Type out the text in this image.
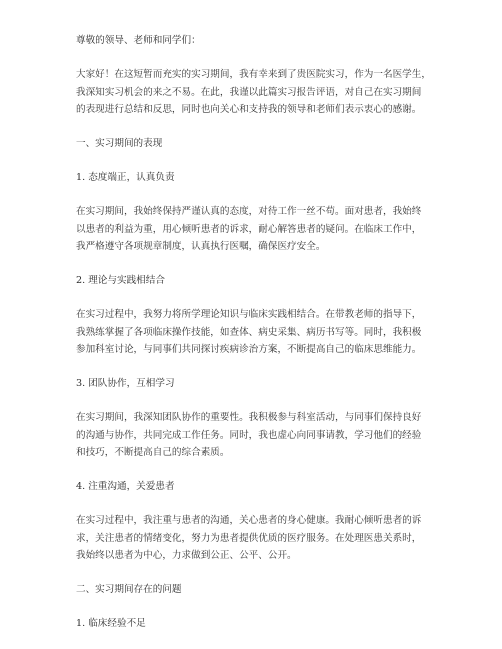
尊敬的领导、老师和同学们：
大家好！在这短暂而充实的实习期间，我有幸来到了贵医院实习，作为一名医学生，
我深知实习机会的来之不易。在此，我谨以此篇实习报告评语，对自己在实习期间
的表现进行总结和反思，同时也向关心和支持我的领导和老师们表示衷心的感谢。
一、实习期间的表现
1. 态度端正，认真负责
在实习期间，我始终保持严谨认真的态度，对待工作一丝不苟。面对患者，我始终
以患者的利益为重，用心倾听患者的诉求，耐心解答患者的疑问。在临床工作中，
我严格遵守各项规章制度，认真执行医嘱，确保医疗安全。
2. 理论与实践相结合
在实习过程中，我努力将所学理论知识与临床实践相结合。在带教老师的指导下，
我熟练掌握了各项临床操作技能，如查体、病史采集、病历书写等。同时，我积极
参加科室讨论，与同事们共同探讨疾病诊治方案，不断提高自己的临床思维能力。
3. 团队协作，互相学习
在实习期间，我深知团队协作的重要性。我积极参与科室活动，与同事们保持良好
的沟通与协作，共同完成工作任务。同时，我也虚心向同事请教，学习他们的经验
和技巧，不断提高自己的综合素质。
4. 注重沟通，关爱患者
在实习过程中，我注重与患者的沟通，关心患者的身心健康。我耐心倾听患者的诉
求，关注患者的情绪变化，努力为患者提供优质的医疗服务。在处理医患关系时，
我始终以患者为中心，力求做到公正、公平、公开。
二、实习期间存在的问题
1. 临床经验不足
